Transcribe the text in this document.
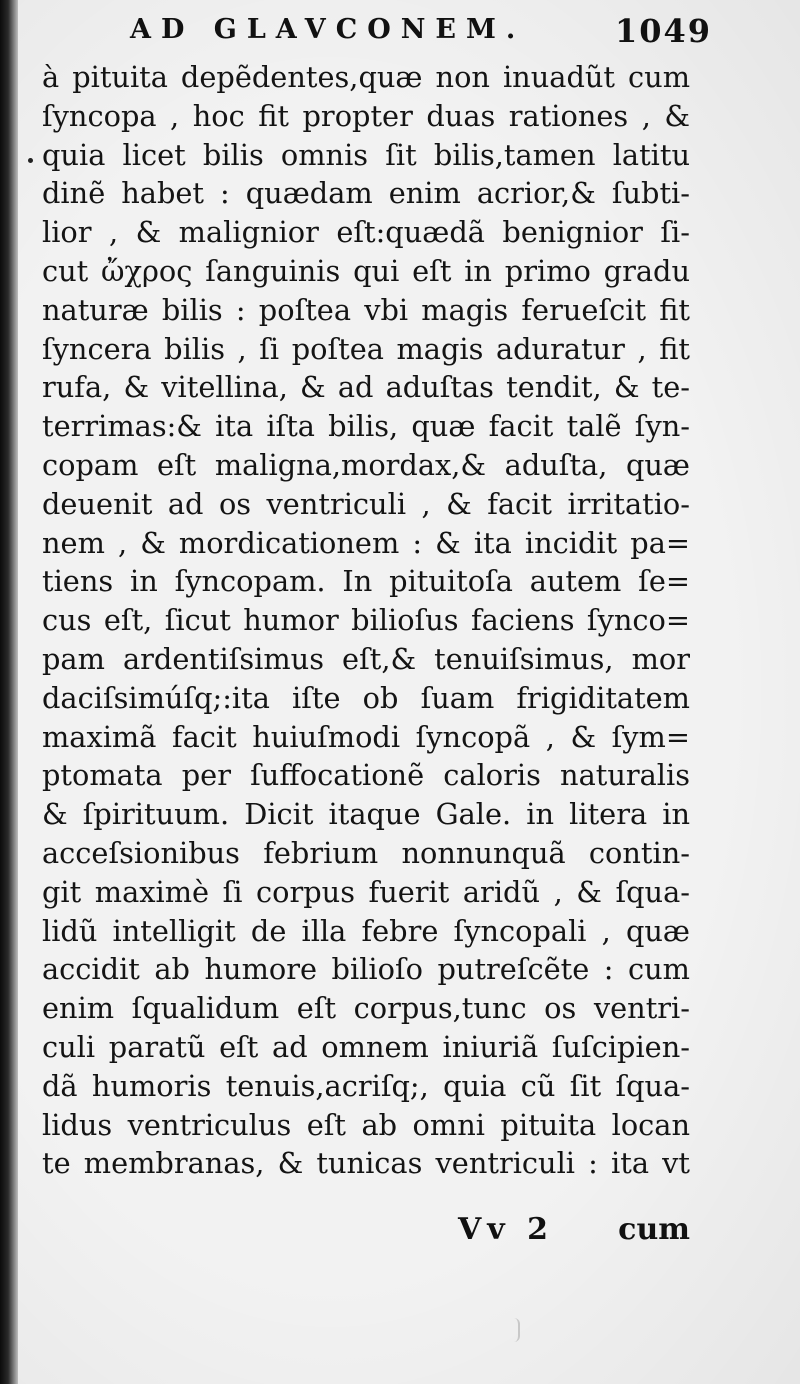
AD GLAVCONEM.	1049
à pituita depẽdentes,quæ non inuadũt cum
ſyncopa , hoc fit propter duas rationes , &
quia licet bilis omnis ſit bilis,tamen latitu
dinẽ habet : quædam enim acrior,& ſubti-
lior , & malignior eſt:quædã benignior ſi-
cut ὤχρος ſanguinis qui eſt in primo gradu
naturæ bilis : poſtea vbi magis ferueſcit fit
ſyncera bilis , ſi poſtea magis aduratur , fit
rufa, & vitellina, & ad aduſtas tendit, & te-
terrimas:& ita iſta bilis, quæ facit talẽ ſyn-
copam eſt maligna,mordax,& aduſta, quæ
deuenit ad os ventriculi , & facit irritatio-
nem , & mordicationem : & ita incidit pa=
tiens in ſyncopam. In pituitoſa autem ſe=
cus eſt, ſicut humor bilioſus faciens ſynco=
pam ardentiſsimus eſt,& tenuiſsimus, mor
daciſsimúſq;:ita iſte ob ſuam frigiditatem
maximã facit huiuſmodi ſyncopã , & ſym=
ptomata per ſuffocationẽ caloris naturalis
& ſpirituum. Dicit itaque Gale. in litera in
acceſsionibus febrium nonnunquã contin-
git maximè ſi corpus fuerit aridũ , & ſqua-
lidũ intelligit de illa febre ſyncopali , quæ
accidit ab humore bilioſo putreſcẽte : cum
enim ſqualidum eſt corpus,tunc os ventri-
culi paratũ eſt ad omnem iniuriã ſuſcipien-
dã humoris tenuis,acriſq;, quia cũ ſit ſqua-
lidus ventriculus eſt ab omni pituita locan
te membranas, & tunicas ventriculi : ita vt
Vv 2 cum
